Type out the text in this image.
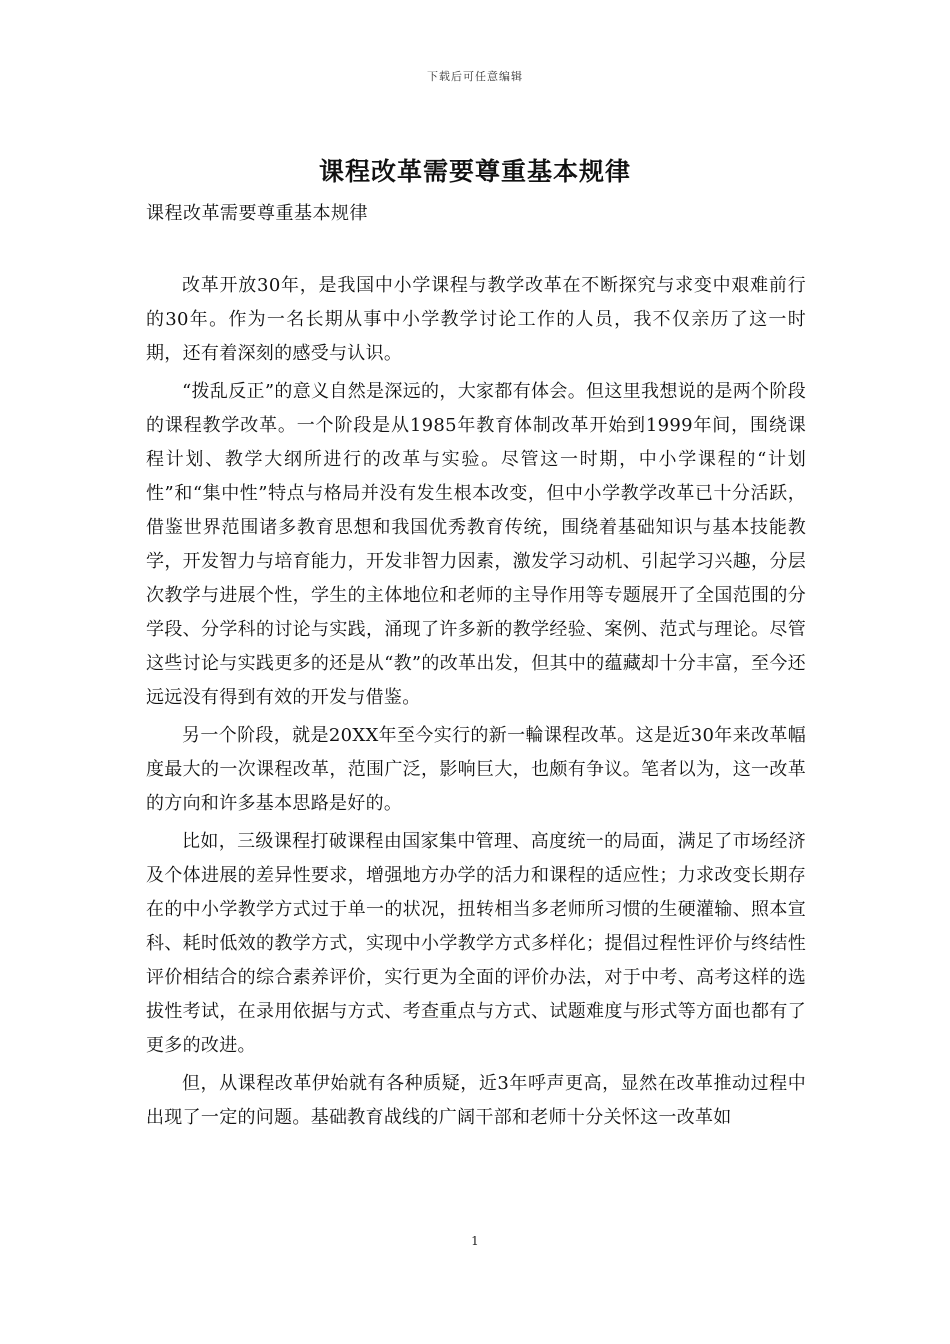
下载后可任意编辑
课程改革需要尊重基本规律
课程改革需要尊重基本规律

改革开放30年，是我国中小学课程与教学改革在不断探究与求变中艰难前行的30年。作为一名长期从事中小学教学讨论工作的人员，我不仅亲历了这一时期，还有着深刻的感受与认识。

“拨乱反正”的意义自然是深远的，大家都有体会。但这里我想说的是两个阶段的课程教学改革。一个阶段是从1985年教育体制改革开始到1999年间，围绕课程计划、教学大纲所进行的改革与实验。尽管这一时期，中小学课程的“计划性”和“集中性”特点与格局并没有发生根本改变，但中小学教学改革已十分活跃，借鉴世界范围诸多教育思想和我国优秀教育传统，围绕着基础知识与基本技能教学，开发智力与培育能力，开发非智力因素，激发学习动机、引起学习兴趣，分层次教学与进展个性，学生的主体地位和老师的主导作用等专题展开了全国范围的分学段、分学科的讨论与实践，涌现了许多新的教学经验、案例、范式与理论。尽管这些讨论与实践更多的还是从“教”的改革出发，但其中的蕴藏却十分丰富，至今还远远没有得到有效的开发与借鉴。

另一个阶段，就是20XX年至今实行的新一輪课程改革。这是近30年来改革幅度最大的一次课程改革，范围广泛，影响巨大，也颇有争议。笔者以为，这一改革的方向和许多基本思路是好的。

比如，三级课程打破课程由国家集中管理、高度统一的局面，满足了市场经济及个体进展的差异性要求，增强地方办学的活力和课程的适应性；力求改变长期存在的中小学教学方式过于单一的状况，扭转相当多老师所习惯的生硬灌输、照本宣科、耗时低效的教学方式，实现中小学教学方式多样化；提倡过程性评价与终结性评价相结合的综合素养评价，实行更为全面的评价办法，对于中考、高考这样的选拔性考试，在录用依据与方式、考查重点与方式、试题难度与形式等方面也都有了更多的改进。

但，从课程改革伊始就有各种质疑，近3年呼声更高，显然在改革推动过程中出现了一定的问题。基础教育战线的广阔干部和老师十分关怀这一改革如

1
